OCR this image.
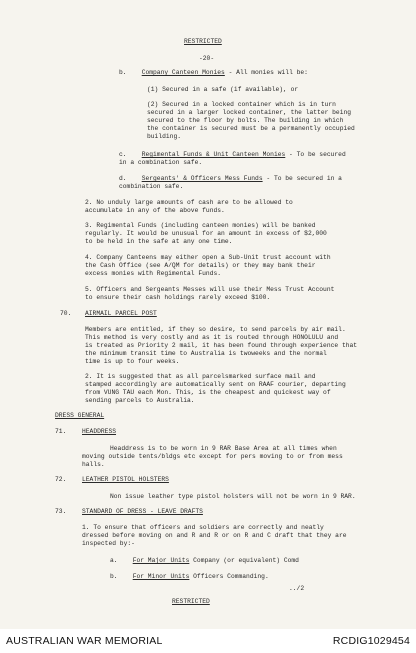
RESTRICTED
-20-
b. Company Canteen Monies - All monies will be:
(1) Secured in a safe (if available), or
(2) Secured in a locked container which is in turn
secured in a larger locked container, the latter being
secured to the floor by bolts. The building in which
the container is secured must be a permanently occupied
building.
c. Regimental Funds & Unit Canteen Monies - To be secured
in a combination safe.
d. Sergeants' & Officers Mess Funds - To be secured in a
combination safe.
2. No unduly large amounts of cash are to be allowed to
accumulate in any of the above funds.
3. Regimental Funds (including canteen monies) will be banked
regularly. It would be unusual for an amount in excess of $2,000
to be held in the safe at any one time.
4. Company Canteens may either open a Sub-Unit trust account with
the Cash Office (see A/QM for details) or they may bank their
excess monies with Regimental Funds.
5. Officers and Sergeants Messes will use their Mess Trust Account
to ensure their cash holdings rarely exceed $100.
70. AIRMAIL PARCEL POST
Members are entitled, if they so desire, to send parcels by air mail.
This method is very costly and as it is routed through HONOLULU and
is treated as Priority 2 mail, it has been found through experience that
the minimum transit time to Australia is twoweeks and the normal
time is up to four weeks.
2. It is suggested that as all parcelsmarked surface mail and
stamped accordingly are automatically sent on RAAF courier, departing
from VUNG TAU each Mon. This, is the cheapest and quickest way of
sending parcels to Australia.
DRESS GENERAL
71. HEADDRESS
Headdress is to be worn in 9 RAR Base Area at all times when
moving outside tents/bldgs etc except for pers moving to or from mess
halls.
72. LEATHER PISTOL HOLSTERS
Non issue leather type pistol holsters will not be worn in 9 RAR.
73. STANDARD OF DRESS - LEAVE DRAFTS
1. To ensure that officers and soldiers are correctly and neatly
dressed before moving on and R and R or on R and C draft that they are
inspected by:-
a. For Major Units Company (or equivalent) Comd
b. For Minor Units Officers Commanding.
../2
RESTRICTED
AUSTRALIAN WAR MEMORIAL	RCDIG1029454
